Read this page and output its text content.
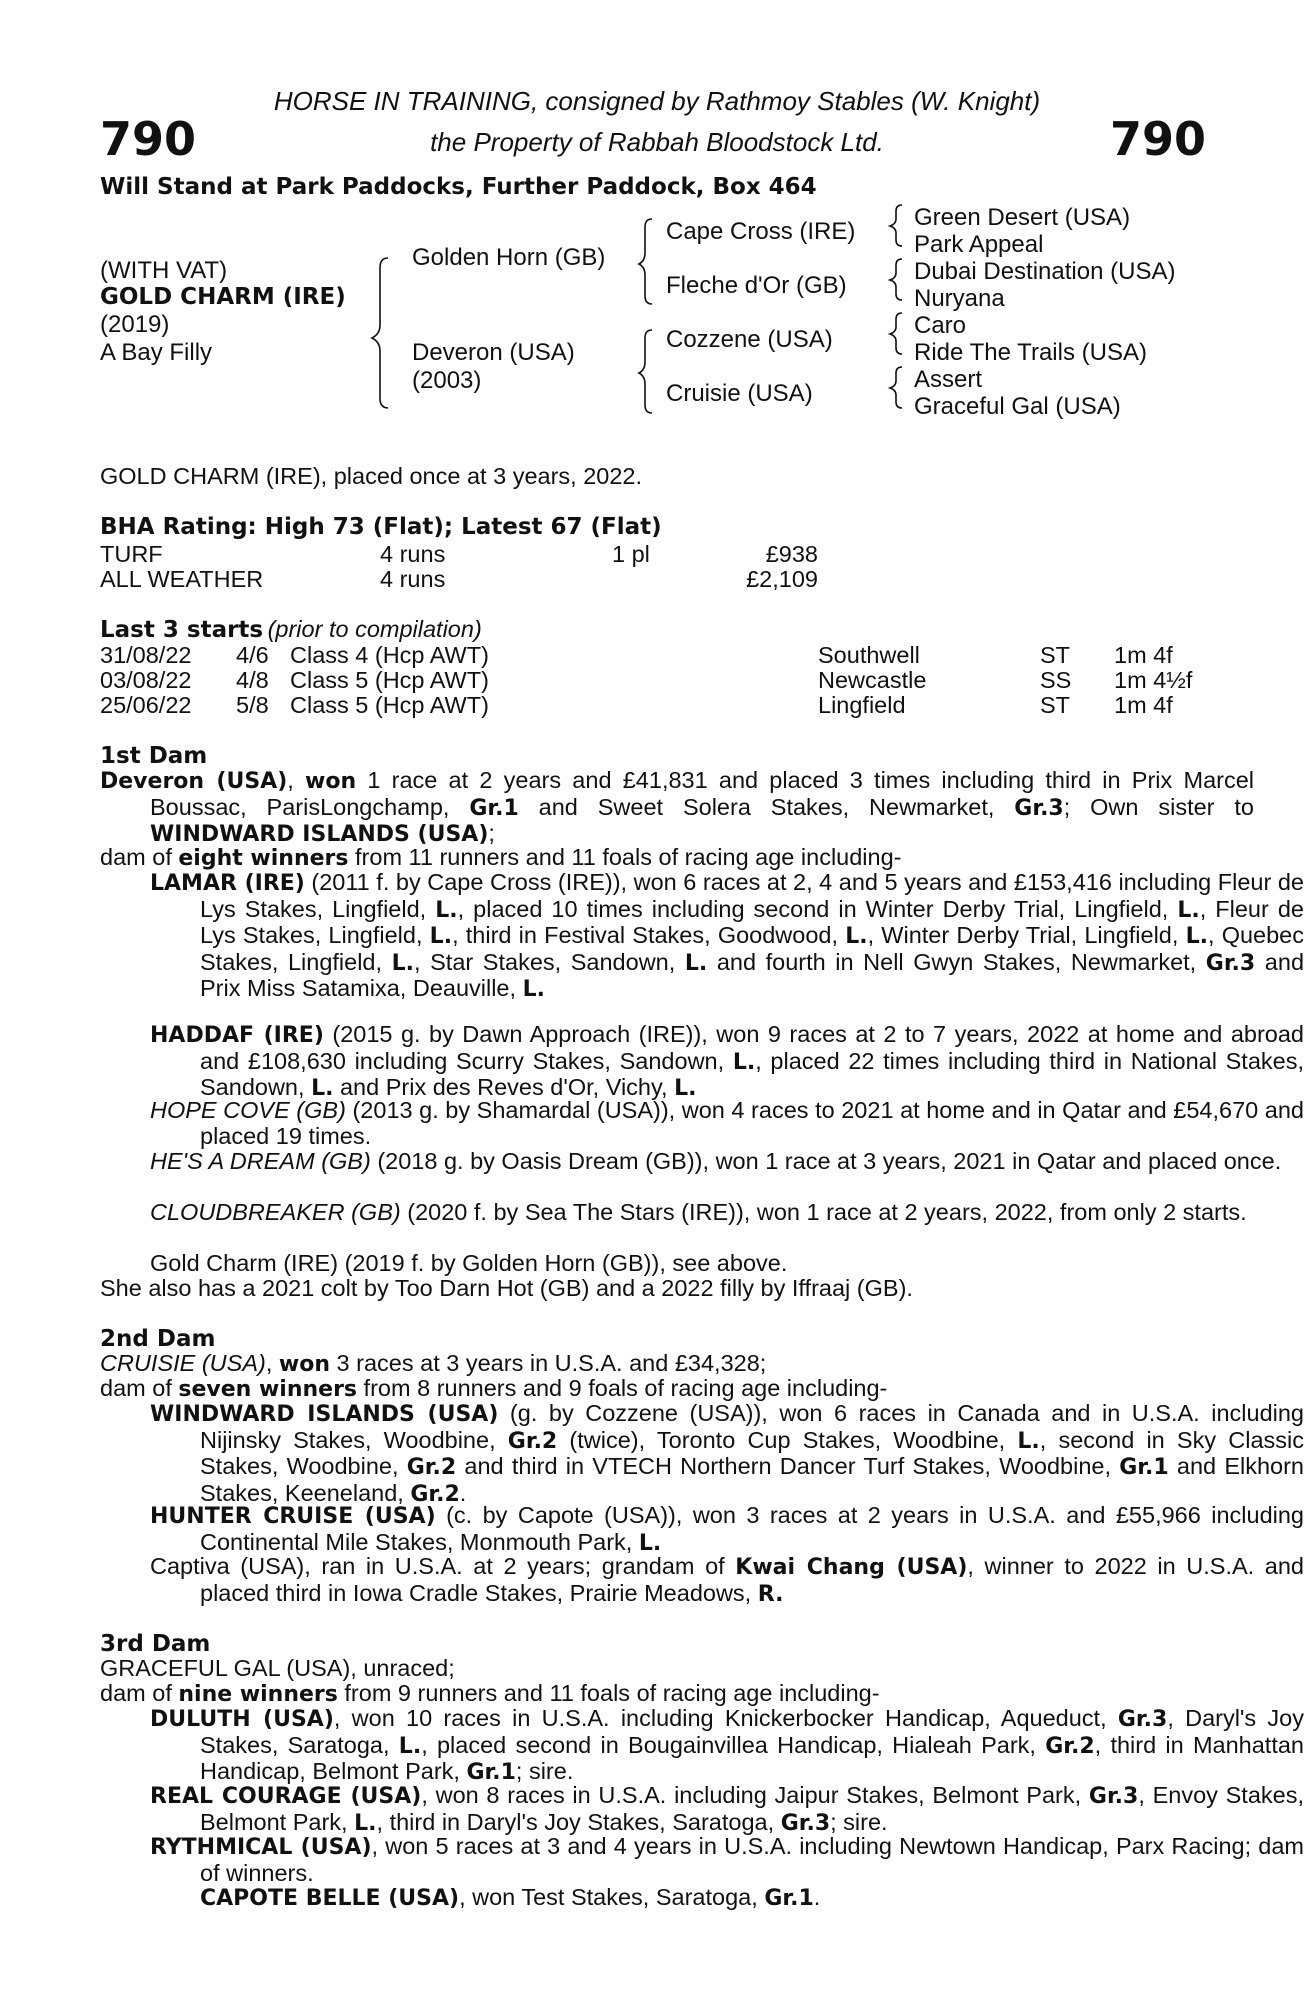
790	790
HORSE IN TRAINING, consigned by Rathmoy Stables (W. Knight)
the Property of Rabbah Bloodstock Ltd.
Will Stand at Park Paddocks, Further Paddock, Box 464
(WITH VAT)
GOLD CHARM (IRE)
(2019)
A Bay Filly
Golden Horn (GB)
Deveron (USA)
(2003)
Cape Cross (IRE)
Fleche d'Or (GB)
Cozzene (USA)
Cruisie (USA)
Green Desert (USA)
Park Appeal
Dubai Destination (USA)
Nuryana
Caro
Ride The Trails (USA)
Assert
Graceful Gal (USA)
GOLD CHARM (IRE), placed once at 3 years, 2022.
BHA Rating: High 73 (Flat); Latest 67 (Flat)
TURF	4 runs	1 pl	£938
ALL WEATHER	4 runs	£2,109
Last 3 starts (prior to compilation)
31/08/22 4/6 Class 4 (Hcp AWT)	Southwell	ST 1m 4f
03/08/22 4/8 Class 5 (Hcp AWT)	Newcastle	SS 1m 4½f
25/06/22 5/8 Class 5 (Hcp AWT)	Lingfield	ST 1m 4f
1st Dam
Deveron (USA), won 1 race at 2 years and £41,831 and placed 3 times including third in Prix Marcel Boussac, ParisLongchamp, Gr.1 and Sweet Solera Stakes, Newmarket, Gr.3; Own sister to WINDWARD ISLANDS (USA);
dam of eight winners from 11 runners and 11 foals of racing age including-
LAMAR (IRE) (2011 f. by Cape Cross (IRE)), won 6 races at 2, 4 and 5 years and £153,416 including Fleur de Lys Stakes, Lingfield, L., placed 10 times including second in Winter Derby Trial, Lingfield, L., Fleur de Lys Stakes, Lingfield, L., third in Festival Stakes, Goodwood, L., Winter Derby Trial, Lingfield, L., Quebec Stakes, Lingfield, L., Star Stakes, Sandown, L. and fourth in Nell Gwyn Stakes, Newmarket, Gr.3 and Prix Miss Satamixa, Deauville, L.
HADDAF (IRE) (2015 g. by Dawn Approach (IRE)), won 9 races at 2 to 7 years, 2022 at home and abroad and £108,630 including Scurry Stakes, Sandown, L., placed 22 times including third in National Stakes, Sandown, L. and Prix des Reves d'Or, Vichy, L.
HOPE COVE (GB) (2013 g. by Shamardal (USA)), won 4 races to 2021 at home and in Qatar and £54,670 and placed 19 times.
HE'S A DREAM (GB) (2018 g. by Oasis Dream (GB)), won 1 race at 3 years, 2021 in Qatar and placed once.
CLOUDBREAKER (GB) (2020 f. by Sea The Stars (IRE)), won 1 race at 2 years, 2022, from only 2 starts.
Gold Charm (IRE) (2019 f. by Golden Horn (GB)), see above.
She also has a 2021 colt by Too Darn Hot (GB) and a 2022 filly by Iffraaj (GB).
2nd Dam
CRUISIE (USA), won 3 races at 3 years in U.S.A. and £34,328;
dam of seven winners from 8 runners and 9 foals of racing age including-
WINDWARD ISLANDS (USA) (g. by Cozzene (USA)), won 6 races in Canada and in U.S.A. including Nijinsky Stakes, Woodbine, Gr.2 (twice), Toronto Cup Stakes, Woodbine, L., second in Sky Classic Stakes, Woodbine, Gr.2 and third in VTECH Northern Dancer Turf Stakes, Woodbine, Gr.1 and Elkhorn Stakes, Keeneland, Gr.2.
HUNTER CRUISE (USA) (c. by Capote (USA)), won 3 races at 2 years in U.S.A. and £55,966 including Continental Mile Stakes, Monmouth Park, L.
Captiva (USA), ran in U.S.A. at 2 years; grandam of Kwai Chang (USA), winner to 2022 in U.S.A. and placed third in Iowa Cradle Stakes, Prairie Meadows, R.
3rd Dam
GRACEFUL GAL (USA), unraced;
dam of nine winners from 9 runners and 11 foals of racing age including-
DULUTH (USA), won 10 races in U.S.A. including Knickerbocker Handicap, Aqueduct, Gr.3, Daryl's Joy Stakes, Saratoga, L., placed second in Bougainvillea Handicap, Hialeah Park, Gr.2, third in Manhattan Handicap, Belmont Park, Gr.1; sire.
REAL COURAGE (USA), won 8 races in U.S.A. including Jaipur Stakes, Belmont Park, Gr.3, Envoy Stakes, Belmont Park, L., third in Daryl's Joy Stakes, Saratoga, Gr.3; sire.
RYTHMICAL (USA), won 5 races at 3 and 4 years in U.S.A. including Newtown Handicap, Parx Racing; dam of winners.
CAPOTE BELLE (USA), won Test Stakes, Saratoga, Gr.1.
